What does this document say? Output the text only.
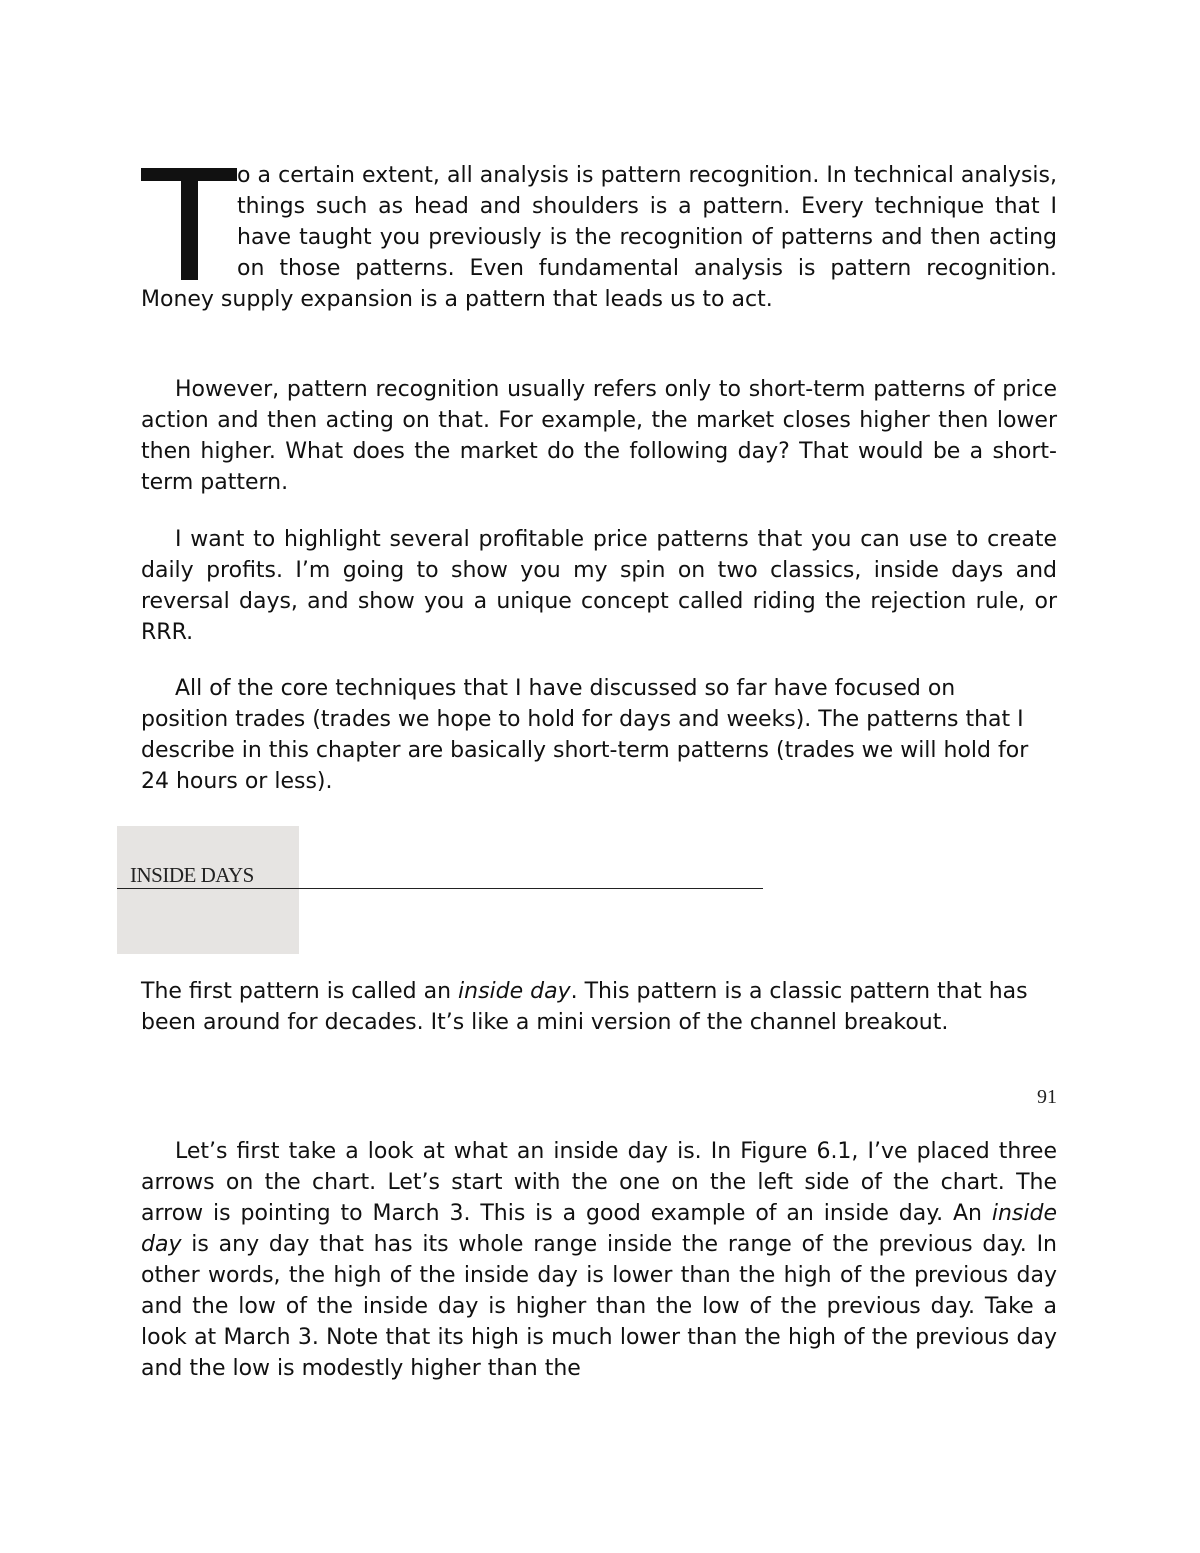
o a certain extent, all analysis is pattern recognition. In technical analysis, things such as head and shoulders is a pattern. Every technique that I have taught you previously is the recognition of patterns and then acting on those patterns. Even fundamental analysis is pattern recognition. Money supply expansion is a pattern that leads us to act.

However, pattern recognition usually refers only to short-term patterns of price action and then acting on that. For example, the market closes higher then lower then higher. What does the market do the following day? That would be a short-term pattern.

I want to highlight several profitable price patterns that you can use to create daily profits. I’m going to show you my spin on two classics, inside days and reversal days, and show you a unique concept called riding the rejection rule, or RRR.

All of the core techniques that I have discussed so far have focused on position trades (trades we hope to hold for days and weeks). The patterns that I describe in this chapter are basically short-term patterns (trades we will hold for 24 hours or less).

INSIDE DAYS

The first pattern is called an inside day. This pattern is a classic pattern that has been around for decades. It’s like a mini version of the channel breakout.

91

Let’s first take a look at what an inside day is. In Figure 6.1, I’ve placed three arrows on the chart. Let’s start with the one on the left side of the chart. The arrow is pointing to March 3. This is a good example of an inside day. An inside day is any day that has its whole range inside the range of the previous day. In other words, the high of the inside day is lower than the high of the previous day and the low of the inside day is higher than the low of the previous day. Take a look at March 3. Note that its high is much lower than the high of the previous day and the low is modestly higher than the
